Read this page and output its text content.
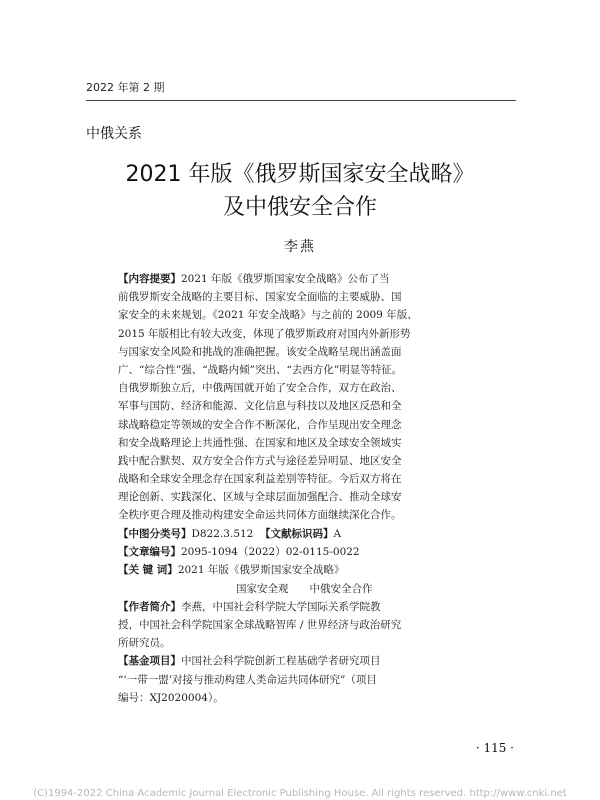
2022 年第 2 期
中俄关系
2021 年版《俄罗斯国家安全战略》
及中俄安全合作
李燕
【内容提要】2021 年版《俄罗斯国家安全战略》公布了当
前俄罗斯安全战略的主要目标、国家安全面临的主要威胁、国
家安全的未来规划。《2021 年安全战略》与之前的 2009 年版、
2015 年版相比有较大改变，体现了俄罗斯政府对国内外新形势
与国家安全风险和挑战的准确把握。该安全战略呈现出涵盖面
广、“综合性”强、“战略内倾”突出、“去西方化”明显等特征。
自俄罗斯独立后，中俄两国就开始了安全合作，双方在政治、
军事与国防、经济和能源、文化信息与科技以及地区反恐和全
球战略稳定等领域的安全合作不断深化，合作呈现出安全理念
和安全战略理论上共通性强、在国家和地区及全球安全领域实
践中配合默契、双方安全合作方式与途径差异明显、地区安全
战略和全球安全理念存在国家利益差别等特征。今后双方将在
理论创新、实践深化、区域与全球层面加强配合、推动全球安
全秩序更合理及推动构建安全命运共同体方面继续深化合作。
【中图分类号】D822.3.512 【文献标识码】A
【文章编号】2095-1094（2022）02-0115-0022
【关 键 词】2021 年版《俄罗斯国家安全战略》
国家安全观　　中俄安全合作
【作者简介】李燕，中国社会科学院大学国际关系学院教
授，中国社会科学院国家全球战略智库 / 世界经济与政治研究
所研究员。
【基金项目】中国社会科学院创新工程基础学者研究项目
“‘一带一盟’对接与推动构建人类命运共同体研究”（项目
编号：XJ2020004）。
· 115 ·
(C)1994-2022 China Academic Journal Electronic Publishing House. All rights reserved. http://www.cnki.net
